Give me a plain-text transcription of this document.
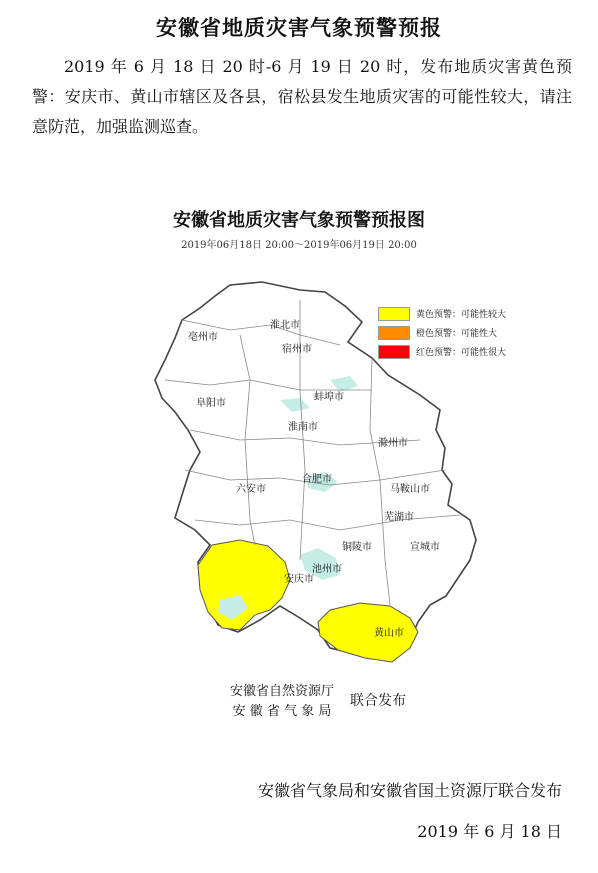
安徽省地质灾害气象预警预报
2019 年 6 月 18 日 20 时-6 月 19 日 20 时，发布地质灾害黄色预警：安庆市、黄山市辖区及各县，宿松县发生地质灾害的可能性较大，请注意防范，加强监测巡查。
安徽省地质灾害气象预警预报图
2019年06月18日 20:00～2019年06月19日 20:00
淮北市
亳州市
宿州市
阜阳市
蚌埠市
淮南市
滁州市
合肥市
六安市	马鞍山市
芜湖市
铜陵市	宣城市
池州市
安庆市
黄山市
黄色预警：可能性较大
橙色预警：可能性大
红色预警：可能性很大
安徽省自然资源厅
安 徽 省 气 象 局
联合发布
安徽省气象局和安徽省国土资源厅联合发布
2019 年 6 月 18 日
